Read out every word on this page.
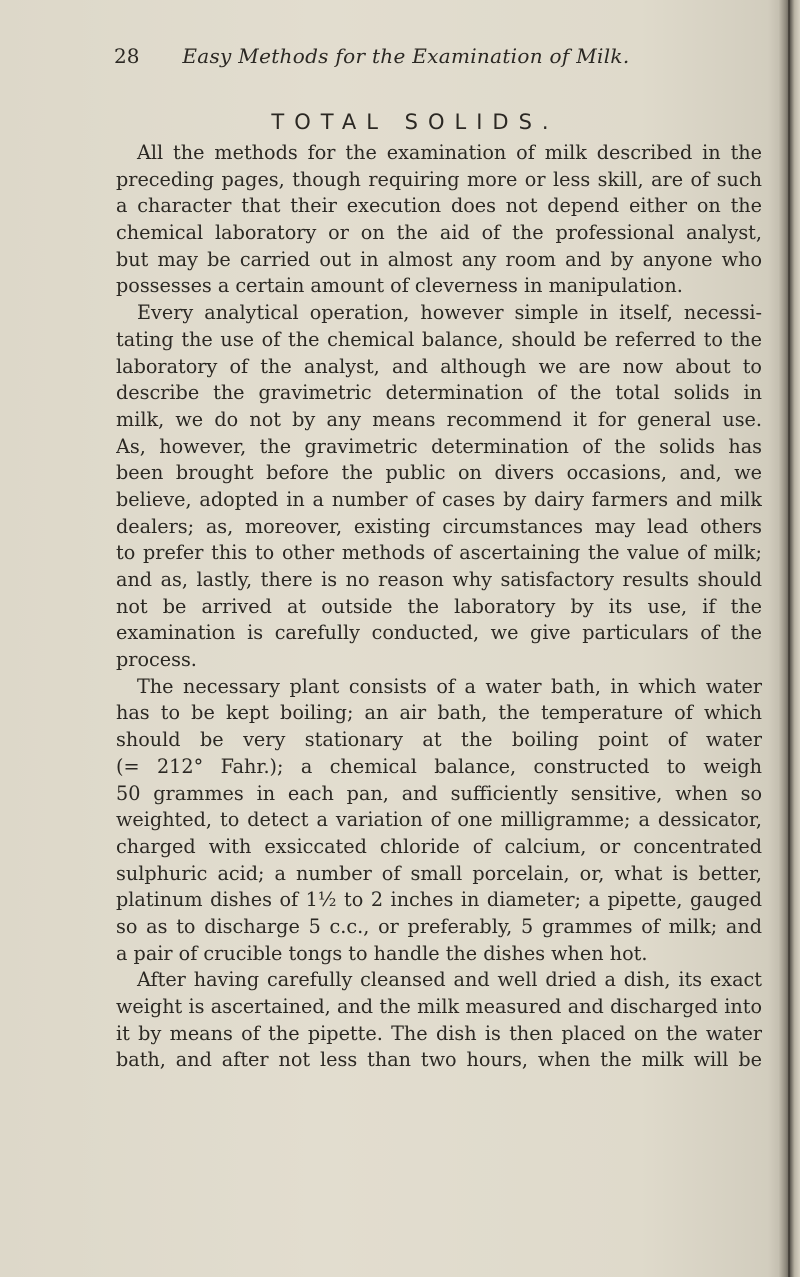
28 Easy Methods for the Examination of Milk.
TOTAL SOLIDS.
All the methods for the examination of milk described in the
preceding pages, though requiring more or less skill, are of such
a character that their execution does not depend either on the
chemical laboratory or on the aid of the professional analyst,
but may be carried out in almost any room and by anyone who
possesses a certain amount of cleverness in manipulation.
Every analytical operation, however simple in itself, necessi-
tating the use of the chemical balance, should be referred to the
laboratory of the analyst, and although we are now about to
describe the gravimetric determination of the total solids in
milk, we do not by any means recommend it for general use.
As, however, the gravimetric determination of the solids has
been brought before the public on divers occasions, and, we
believe, adopted in a number of cases by dairy farmers and milk
dealers; as, moreover, existing circumstances may lead others
to prefer this to other methods of ascertaining the value of milk;
and as, lastly, there is no reason why satisfactory results should
not be arrived at outside the laboratory by its use, if the
examination is carefully conducted, we give particulars of the
process.
The necessary plant consists of a water bath, in which water
has to be kept boiling; an air bath, the temperature of which
should be very stationary at the boiling point of water
(= 212° Fahr.); a chemical balance, constructed to weigh
50 grammes in each pan, and sufficiently sensitive, when so
weighted, to detect a variation of one milligramme; a dessicator,
charged with exsiccated chloride of calcium, or concentrated
sulphuric acid; a number of small porcelain, or, what is better,
platinum dishes of 1½ to 2 inches in diameter; a pipette, gauged
so as to discharge 5 c.c., or preferably, 5 grammes of milk; and
a pair of crucible tongs to handle the dishes when hot.
After having carefully cleansed and well dried a dish, its exact
weight is ascertained, and the milk measured and discharged into
it by means of the pipette. The dish is then placed on the water
bath, and after not less than two hours, when the milk will be
